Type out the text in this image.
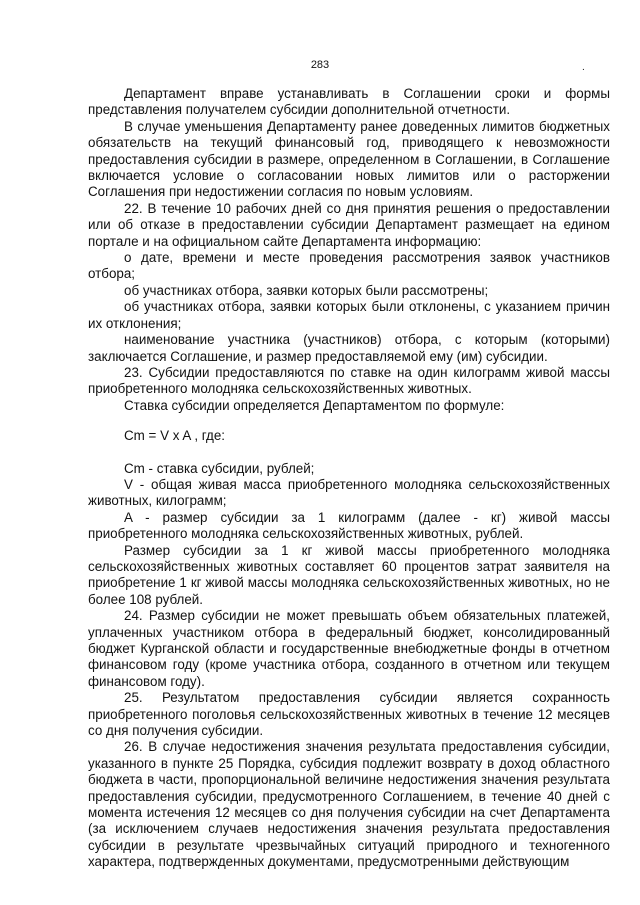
283	.

Департамент вправе устанавливать в Соглашении сроки и формы представления получателем субсидии дополнительной отчетности.

В случае уменьшения Департаменту ранее доведенных лимитов бюджетных обязательств на текущий финансовый год, приводящего к невозможности предоставления субсидии в размере, определенном в Соглашении, в Соглашение включается условие о согласовании новых лимитов или о расторжении Соглашения при недостижении согласия по новым условиям.

22. В течение 10 рабочих дней со дня принятия решения о предоставлении или об отказе в предоставлении субсидии Департамент размещает на едином портале и на официальном сайте Департамента информацию:

о дате, времени и месте проведения рассмотрения заявок участников отбора;

об участниках отбора, заявки которых были рассмотрены;

об участниках отбора, заявки которых были отклонены, с указанием причин их отклонения;

наименование участника (участников) отбора, с которым (которыми) заключается Соглашение, и размер предоставляемой ему (им) субсидии.

23. Субсидии предоставляются по ставке на один килограмм живой массы приобретенного молодняка сельскохозяйственных животных.

Ставка субсидии определяется Департаментом по формуле:

Cm = V x A , где:

Cm - ставка субсидии, рублей;

V - общая живая масса приобретенного молодняка сельскохозяйственных животных, килограмм;

A - размер субсидии за 1 килограмм (далее - кг) живой массы приобретенного молодняка сельскохозяйственных животных, рублей.

Размер субсидии за 1 кг живой массы приобретенного молодняка сельскохозяйственных животных составляет 60 процентов затрат заявителя на приобретение 1 кг живой массы молодняка сельскохозяйственных животных, но не более 108 рублей.

24. Размер субсидии не может превышать объем обязательных платежей, уплаченных участником отбора в федеральный бюджет, консолидированный бюджет Курганской области и государственные внебюджетные фонды в отчетном финансовом году (кроме участника отбора, созданного в отчетном или текущем финансовом году).

25. Результатом предоставления субсидии является сохранность приобретенного поголовья сельскохозяйственных животных в течение 12 месяцев со дня получения субсидии.

26. В случае недостижения значения результата предоставления субсидии, указанного в пункте 25 Порядка, субсидия подлежит возврату в доход областного бюджета в части, пропорциональной величине недостижения значения результата предоставления субсидии, предусмотренного Соглашением, в течение 40 дней с момента истечения 12 месяцев со дня получения субсидии на счет Департамента (за исключением случаев недостижения значения результата предоставления субсидии в результате чрезвычайных ситуаций природного и техногенного характера, подтвержденных документами, предусмотренными действующим
